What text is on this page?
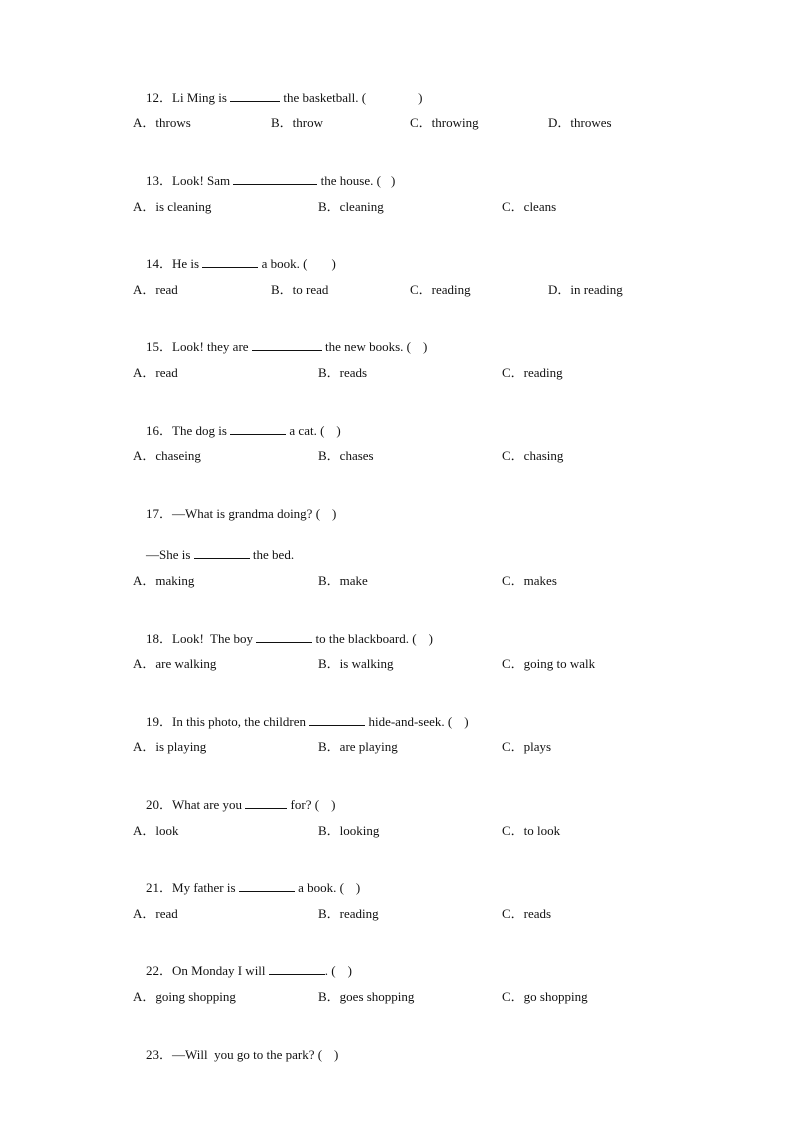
12．Li Ming is	the basketball. (	)

A．throws	B．throw	C．throwing	D．throwes

13．Look! Sam	the house. ( )

A．is cleaning	B．cleaning	C．cleans

14．He is	a book. ( )

A．read	B．to read	C．reading	D．in reading

15．Look! they are	the new books. ( )

A．read	B．reads	C．reading

16．The dog is	a cat. ( )

A．chaseing	B．chases	C．chasing

17．—What is grandma doing? ( )

—She is	the bed.

A．making	B．make	C．makes

18．Look!  The boy	to the blackboard. ( )

A．are walking	B．is walking	C．going to walk

19．In this photo, the children	hide-and-seek. ( )

A．is playing	B．are playing	C．plays

20．What are you	for? ( )

A．look	B．looking	C．to look

21．My father is	a book. ( )

A．read	B．reading	C．reads

22．On Monday I will	. ( )

A．going shopping	B．goes shopping	C．go shopping

23．—Will  you go to the park? ( )
